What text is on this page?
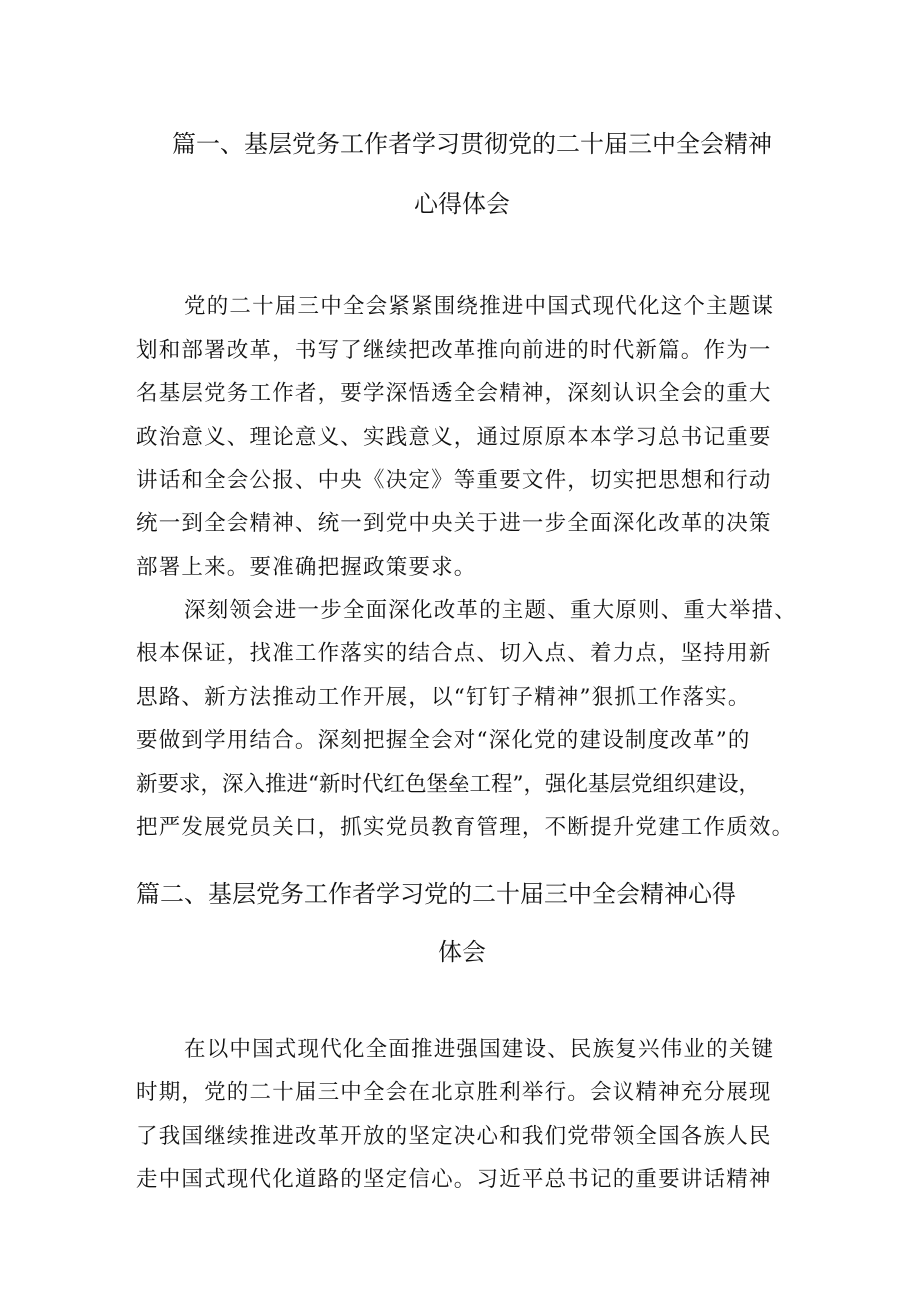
篇一、基层党务工作者学习贯彻党的二十届三中全会精神
心得体会
党的二十届三中全会紧紧围绕推进中国式现代化这个主题谋
划和部署改革，书写了继续把改革推向前进的时代新篇。作为一
名基层党务工作者，要学深悟透全会精神，深刻认识全会的重大
政治意义、理论意义、实践意义，通过原原本本学习总书记重要
讲话和全会公报、中央《决定》等重要文件，切实把思想和行动
统一到全会精神、统一到党中央关于进一步全面深化改革的决策
部署上来。要准确把握政策要求。
深刻领会进一步全面深化改革的主题、重大原则、重大举措、
根本保证，找准工作落实的结合点、切入点、着力点，坚持用新
思路、新方法推动工作开展，以“钉钉子精神”狠抓工作落实。
要做到学用结合。深刻把握全会对“深化党的建设制度改革”的
新要求，深入推进“新时代红色堡垒工程”，强化基层党组织建设，
把严发展党员关口，抓实党员教育管理，不断提升党建工作质效。
篇二、基层党务工作者学习党的二十届三中全会精神心得
体会
在以中国式现代化全面推进强国建设、民族复兴伟业的关键
时期，党的二十届三中全会在北京胜利举行。会议精神充分展现
了我国继续推进改革开放的坚定决心和我们党带领全国各族人民
走中国式现代化道路的坚定信心。习近平总书记的重要讲话精神
